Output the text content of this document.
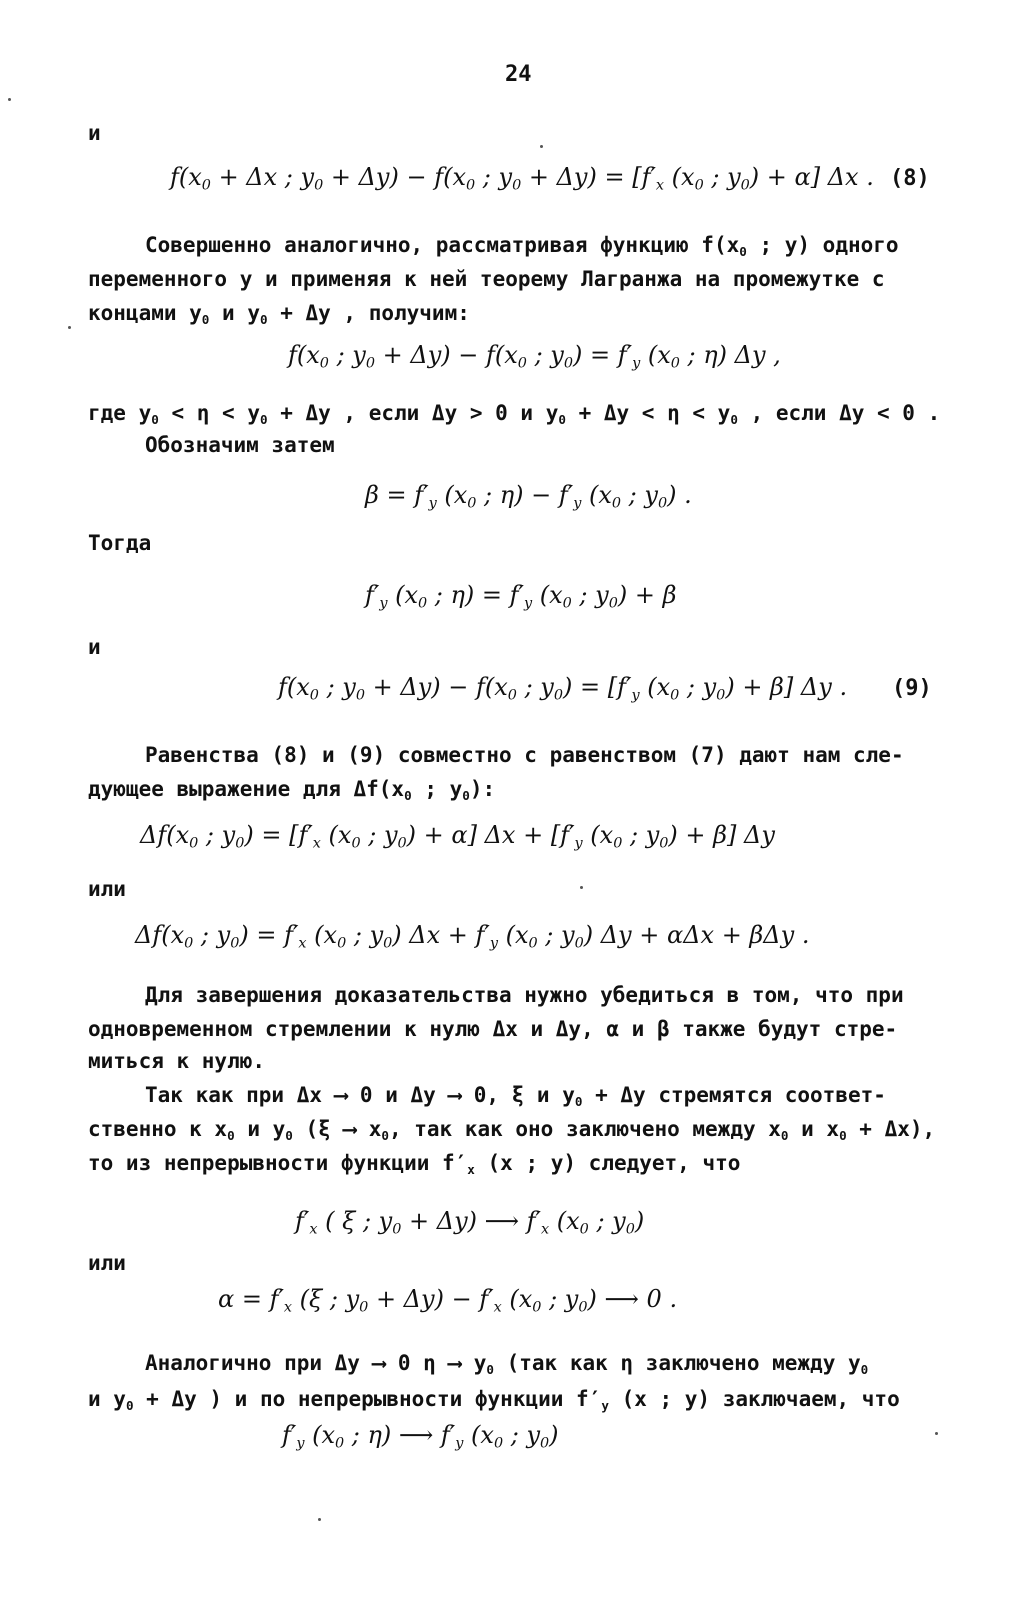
24
и
$f(x_0 + \Delta x$ ; $y_0 + \Delta y) - f(x_0$ ; $y_0 + \Delta y) = [f'_x$ ($x_0$ ; $y_0) + \alpha$] Δx . (8)
Совершенно аналогично, рассматривая функцию $f(x_0$ ; y) одного
переменного y и применяя к ней теорему Лагранжа на промежутке с
концами $y_0$ и $y_0 + \Delta y$ , получим:
$f(x_0$ ; $y_0 + \Delta y) - f(x_0$ ; $y_0) = f'_y$ ($x_0$ ; η) Δy ,
где $y_0 < \eta < y_0 + \Delta y$ , если Δy > 0 и $y_0 + \Delta y < \eta < y_0$ , если Δy < 0 .
Обозначим затем
$\beta = f'_y$ ($x_0$ ; $\eta) - f'_y$ ($x_0$ ; $y_0$) .
Тогда
$f'_y$ ($x_0$ ; $\eta) = f'_y$ ($x_0$ ; $y_0) + \beta$
и
$f(x_0$ ; $y_0 + \Delta y) - f(x_0$ ; $y_0) = [f'_y$ ($x_0$ ; $y_0) + \beta$] Δy . (9)
Равенства (8) и (9) совместно с равенством (7) дают нам сле-
дующее выражение для $\Delta f(x_0$ ; $y_0$):
$\Delta f(x_0$ ; $y_0) = [f'_x$ ($x_0$ ; $y_0) + \alpha$] $\Delta x + [f'_y$ ($x_0$ ; $y_0) + \beta$] Δy
или
$\Delta f(x_0$ ; $y_0) = f'_x$ ($x_0$ ; $y_0$) $\Delta x + f'_y$ ($x_0$ ; $y_0$) Δy + αΔx + βΔy .
Для завершения доказательства нужно убедиться в том, что при
одновременном стремлении к нулю Δx и Δy, α и β также будут стре-
миться к нулю.
Так как при Δx ⟶ 0 и Δy ⟶ 0, ξ и $y_0 + \Delta y$ стремятся соответ-
ственно к $x_0$ и $y_0$ (ξ ⟶ $x_0$, так как оно заключено между $x_0$ и $x_0 + \Delta x$),
то из непрерывности функции $f'_x$ (x ; y) следует, что
$f'_x$ ( ξ ; $y_0 + \Delta y$) ⟶ $f'_x$ ($x_0$ ; $y_0$)
или
$\alpha = f'_x$ (ξ ; $y_0 + \Delta y) - f'_x$ ($x_0$ ; $y_0$) ⟶ 0 .
Аналогично при Δy ⟶ 0 η ⟶ $y_0$ (так как η заключено между $y_0$
и $y_0 + \Delta y$ ) и по непрерывности функции $f'_y$ (x ; y) заключаем, что
$f'_y$ ($x_0$ ; η) ⟶ $f'_y$ ($x_0$ ; $y_0$)
